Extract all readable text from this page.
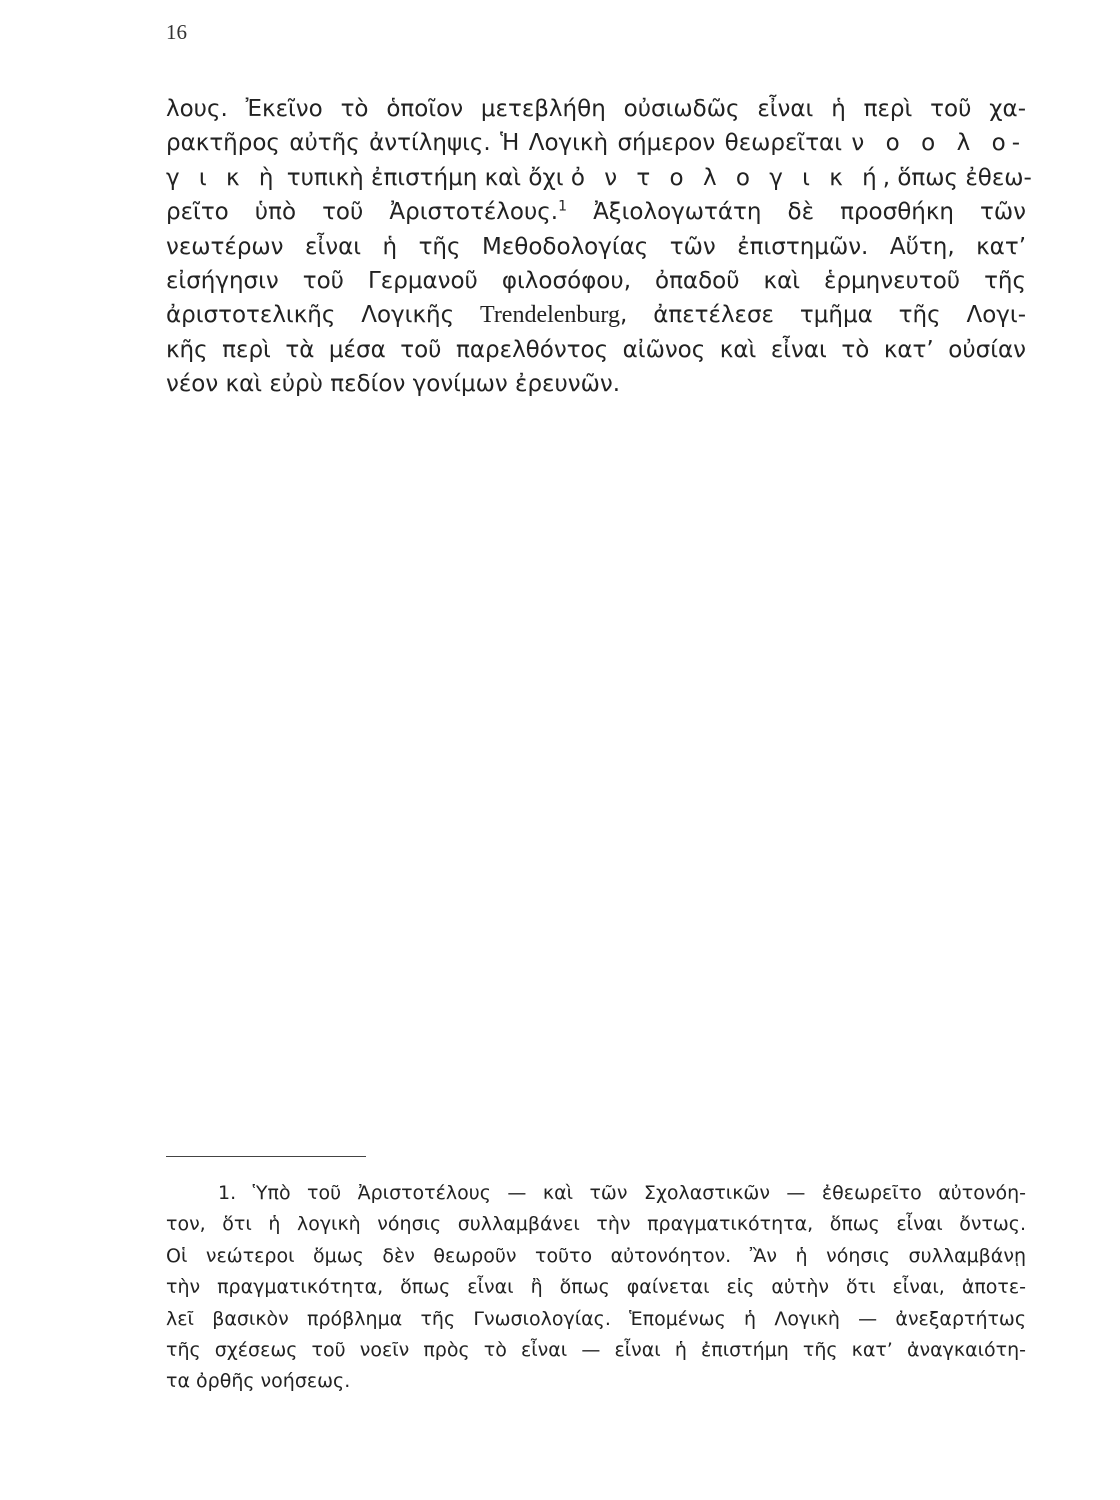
16
λους. Ἐκεῖνο τὸ ὁποῖον μετεβλήθη οὐσιωδῶς εἶναι ἡ περὶ τοῦ χα-
ρακτῆρος αὐτῆς ἀντίληψις. Ἡ Λογικὴ σήμερον θεωρεῖται ν ο ο λ ο-
γ ι κ ὴ τυπικὴ ἐπιστήμη καὶ ὄχι ὀ ν τ ο λ ο γ ι κ ή, ὅπως ἐθεω-
ρεῖτο ὑπὸ τοῦ Ἀριστοτέλους.$^1$ Ἀξιολογωτάτη δὲ προσθήκη τῶν
νεωτέρων εἶναι ἡ τῆς Μεθοδολογίας τῶν ἐπιστημῶν. Αὕτη, κατ’
εἰσήγησιν τοῦ Γερμανοῦ φιλοσόφου, ὀπαδοῦ καὶ ἑρμηνευτοῦ τῆς
ἀριστοτελικῆς Λογικῆς Trendelenburg, ἀπετέλεσε τμῆμα τῆς Λογι-
κῆς περὶ τὰ μέσα τοῦ παρελθόντος αἰῶνος καὶ εἶναι τὸ κατ’ οὐσίαν
νέον καὶ εὐρὺ πεδίον γονίμων ἐρευνῶν.
1. Ὑπὸ τοῦ Ἀριστοτέλους — καὶ τῶν Σχολαστικῶν — ἐθεωρεῖτο αὐτονόη-
τον, ὅτι ἡ λογικὴ νόησις συλλαμβάνει τὴν πραγματικότητα, ὅπως εἶναι ὄντως.
Οἱ νεώτεροι ὅμως δὲν θεωροῦν τοῦτο αὐτονόητον. Ἂν ἡ νόησις συλλαμβάνῃ
τὴν πραγματικότητα, ὅπως εἶναι ἢ ὅπως φαίνεται εἰς αὐτὴν ὅτι εἶναι, ἀποτε-
λεῖ βασικὸν πρόβλημα τῆς Γνωσιολογίας. Ἑπομένως ἡ Λογικὴ — ἀνεξαρτήτως
τῆς σχέσεως τοῦ νοεῖν πρὸς τὸ εἶναι — εἶναι ἡ ἐπιστήμη τῆς κατ’ ἀναγκαιότη-
τα ὀρθῆς νοήσεως.
